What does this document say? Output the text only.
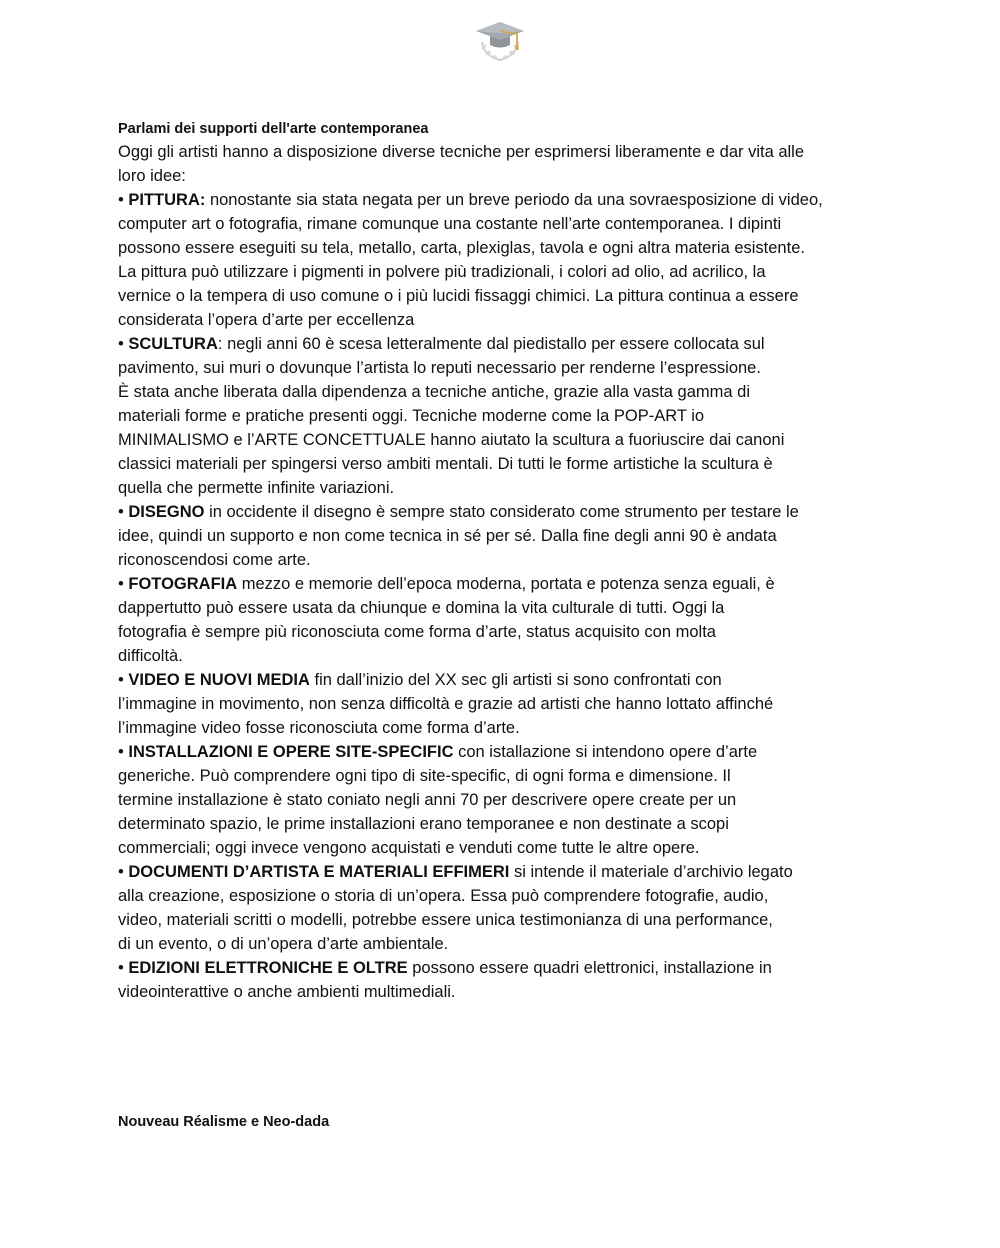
Parlami dei supporti dell'arte contemporanea

Oggi gli artisti hanno a disposizione diverse tecniche per esprimersi liberamente e dar vita alle
loro idee:
• PITTURA: nonostante sia stata negata per un breve periodo da una sovraesposizione di video,
computer art o fotografia, rimane comunque una costante nell’arte contemporanea. I dipinti
possono essere eseguiti su tela, metallo, carta, plexiglas, tavola e ogni altra materia esistente.
La pittura può utilizzare i pigmenti in polvere più tradizionali, i colori ad olio, ad acrilico, la
vernice o la tempera di uso comune o i più lucidi fissaggi chimici. La pittura continua a essere
considerata l’opera d’arte per eccellenza
• SCULTURA: negli anni 60 è scesa letteralmente dal piedistallo per essere collocata sul
pavimento, sui muri o dovunque l’artista lo reputi necessario per renderne l’espressione.
È stata anche liberata dalla dipendenza a tecniche antiche, grazie alla vasta gamma di
materiali forme e pratiche presenti oggi. Tecniche moderne come la POP-ART io
MINIMALISMO e l’ARTE CONCETTUALE hanno aiutato la scultura a fuoriuscire dai canoni
classici materiali per spingersi verso ambiti mentali. Di tutti le forme artistiche la scultura è
quella che permette infinite variazioni.
• DISEGNO in occidente il disegno è sempre stato considerato come strumento per testare le
idee, quindi un supporto e non come tecnica in sé per sé. Dalla fine degli anni 90 è andata
riconoscendosi come arte.
• FOTOGRAFIA mezzo e memorie dell’epoca moderna, portata e potenza senza eguali, è
dappertutto può essere usata da chiunque e domina la vita culturale di tutti. Oggi la
fotografia è sempre più riconosciuta come forma d’arte, status acquisito con molta
difficoltà.
• VIDEO E NUOVI MEDIA fin dall’inizio del XX sec gli artisti si sono confrontati con
l’immagine in movimento, non senza difficoltà e grazie ad artisti che hanno lottato affinché
l’immagine video fosse riconosciuta come forma d’arte.
• INSTALLAZIONI E OPERE SITE-SPECIFIC con istallazione si intendono opere d’arte
generiche. Può comprendere ogni tipo di site-specific, di ogni forma e dimensione. Il
termine installazione è stato coniato negli anni 70 per descrivere opere create per un
determinato spazio, le prime installazioni erano temporanee e non destinate a scopi
commerciali; oggi invece vengono acquistati e venduti come tutte le altre opere.
• DOCUMENTI D’ARTISTA E MATERIALI EFFIMERI si intende il materiale d’archivio legato
alla creazione, esposizione o storia di un’opera. Essa può comprendere fotografie, audio,
video, materiali scritti o modelli, potrebbe essere unica testimonianza di una performance,
di un evento, o di un’opera d’arte ambientale.
• EDIZIONI ELETTRONICHE E OLTRE possono essere quadri elettronici, installazione in
videointerattive o anche ambienti multimediali.

Nouveau Réalisme e Neo-dada
